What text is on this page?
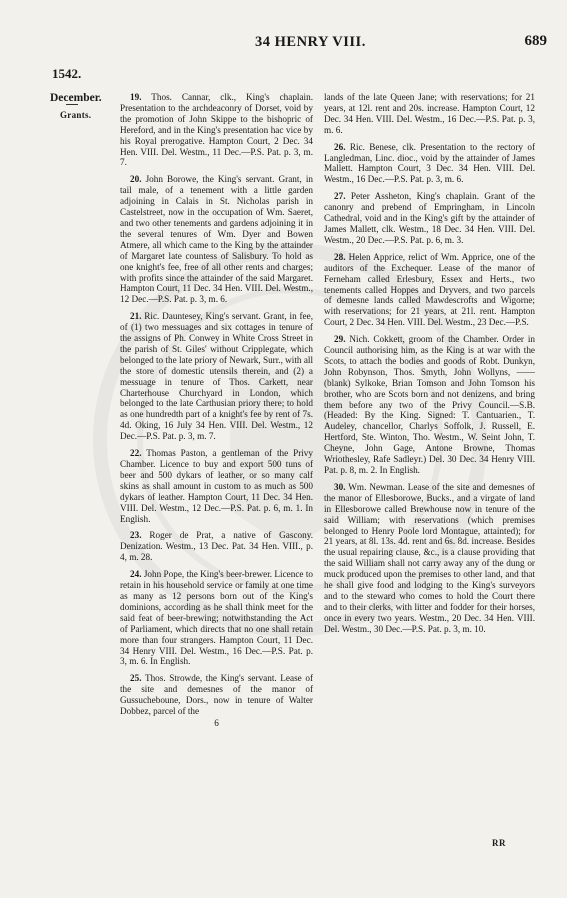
34 HENRY VIII.	689
1542.
December.
Grants.

19. Thos. Cannar, clk., King's chaplain. Presentation to the archdeaconry of Dorset, void by the promotion of John Skippe to the bishopric of Hereford, and in the King's presentation hac vice by his Royal prerogative. Hampton Court, 2 Dec. 34 Hen. VIII. Del. Westm., 11 Dec.—P.S. Pat. p. 3, m. 7.

20. John Borowe, the King's servant. Grant, in tail male, of a tenement with a little garden adjoining in Calais in St. Nicholas parish in Castelstreet, now in the occupation of Wm. Saeret, and two other tenements and gardens adjoining it in the several tenures of Wm. Dyer and Bowen Atmere, all which came to the King by the attainder of Margaret late countess of Salisbury. To hold as one knight's fee, free of all other rents and charges; with profits since the attainder of the said Margaret. Hampton Court, 11 Dec. 34 Hen. VIII. Del. Westm., 12 Dec.—P.S. Pat. p. 3, m. 6.

21. Ric. Dauntesey, King's servant. Grant, in fee, of (1) two messuages and six cottages in tenure of the assigns of Ph. Conwey in White Cross Street in the parish of St. Giles' without Cripplegate, which belonged to the late priory of Newark, Surr., with all the store of domestic utensils therein, and (2) a messuage in tenure of Thos. Carkett, near Charterhouse Churchyard in London, which belonged to the late Carthusian priory there; to hold as one hundredth part of a knight's fee by rent of 7s. 4d. Oking, 16 July 34 Hen. VIII. Del. Westm., 12 Dec.—P.S. Pat. p. 3, m. 7.

22. Thomas Paston, a gentleman of the Privy Chamber. Licence to buy and export 500 tuns of beer and 500 dykars of leather, or so many calf skins as shall amount in custom to as much as 500 dykars of leather. Hampton Court, 11 Dec. 34 Hen. VIII. Del. Westm., 12 Dec.—P.S. Pat. p. 6, m. 1. In English.

23. Roger de Prat, a native of Gascony. Denization. Westm., 13 Dec. Pat. 34 Hen. VIII., p. 4, m. 28.

24. John Pope, the King's beer-brewer. Licence to retain in his household service or family at one time as many as 12 persons born out of the King's dominions, according as he shall think meet for the said feat of beer-brewing; notwithstanding the Act of Parliament, which directs that no one shall retain more than four strangers. Hampton Court, 11 Dec. 34 Henry VIII. Del. Westm., 16 Dec.—P.S. Pat. p. 3, m. 6. In English.

25. Thos. Strowde, the King's servant. Lease of the site and demesnes of the manor of Gussucheboune, Dors., now in tenure of Walter Dobbez, parcel of the

6

lands of the late Queen Jane; with reservations; for 21 years, at 12l. rent and 20s. increase. Hampton Court, 12 Dec. 34 Hen. VIII. Del. Westm., 16 Dec.—P.S. Pat. p. 3, m. 6.

26. Ric. Benese, clk. Presentation to the rectory of Langledman, Linc. dioc., void by the attainder of James Mallett. Hampton Court, 3 Dec. 34 Hen. VIII. Del. Westm., 16 Dec.—P.S. Pat. p. 3, m. 6.

27. Peter Assheton, King's chaplain. Grant of the canonry and prebend of Empringham, in Lincoln Cathedral, void and in the King's gift by the attainder of James Mallett, clk. Westm., 18 Dec. 34 Hen. VIII. Del. Westm., 20 Dec.—P.S. Pat. p. 6, m. 3.

28. Helen Apprice, relict of Wm. Apprice, one of the auditors of the Exchequer. Lease of the manor of Ferneham called Erlesbury, Essex and Herts., two tenements called Hoppes and Dryvers, and two parcels of demesne lands called Mawdescrofts and Wigorne; with reservations; for 21 years, at 21l. rent. Hampton Court, 2 Dec. 34 Hen. VIII. Del. Westm., 23 Dec.—P.S.

29. Nich. Cokkett, groom of the Chamber. Order in Council authorising him, as the King is at war with the Scots, to attach the bodies and goods of Robt. Dunkyn, John Robynson, Thos. Smyth, John Wollyns, —— (blank) Sylkoke, Brian Tomson and John Tomson his brother, who are Scots born and not denizens, and bring them before any two of the Privy Council.—S.B. (Headed: By the King. Signed: T. Cantuarien., T. Audeley, chancellor, Charlys Soffolk, J. Russell, E. Hertford, Ste. Winton, Tho. Westm., W. Seint John, T. Cheyne, John Gage, Antone Browne, Thomas Wriothesley, Rafe Sadleyr.) Del. 30 Dec. 34 Henry VIII. Pat. p. 8, m. 2. In English.

30. Wm. Newman. Lease of the site and demesnes of the manor of Ellesborowe, Bucks., and a virgate of land in Ellesborowe called Brewhouse now in tenure of the said William; with reservations (which premises belonged to Henry Poole lord Montague, attainted); for 21 years, at 8l. 13s. 4d. rent and 6s. 8d. increase. Besides the usual repairing clause, &c., is a clause providing that the said William shall not carry away any of the dung or muck produced upon the premises to other land, and that he shall give food and lodging to the King's surveyors and to the steward who comes to hold the Court there and to their clerks, with litter and fodder for their horses, once in every two years. Westm., 20 Dec. 34 Hen. VIII. Del. Westm., 30 Dec.—P.S. Pat. p. 3, m. 10.

RR
